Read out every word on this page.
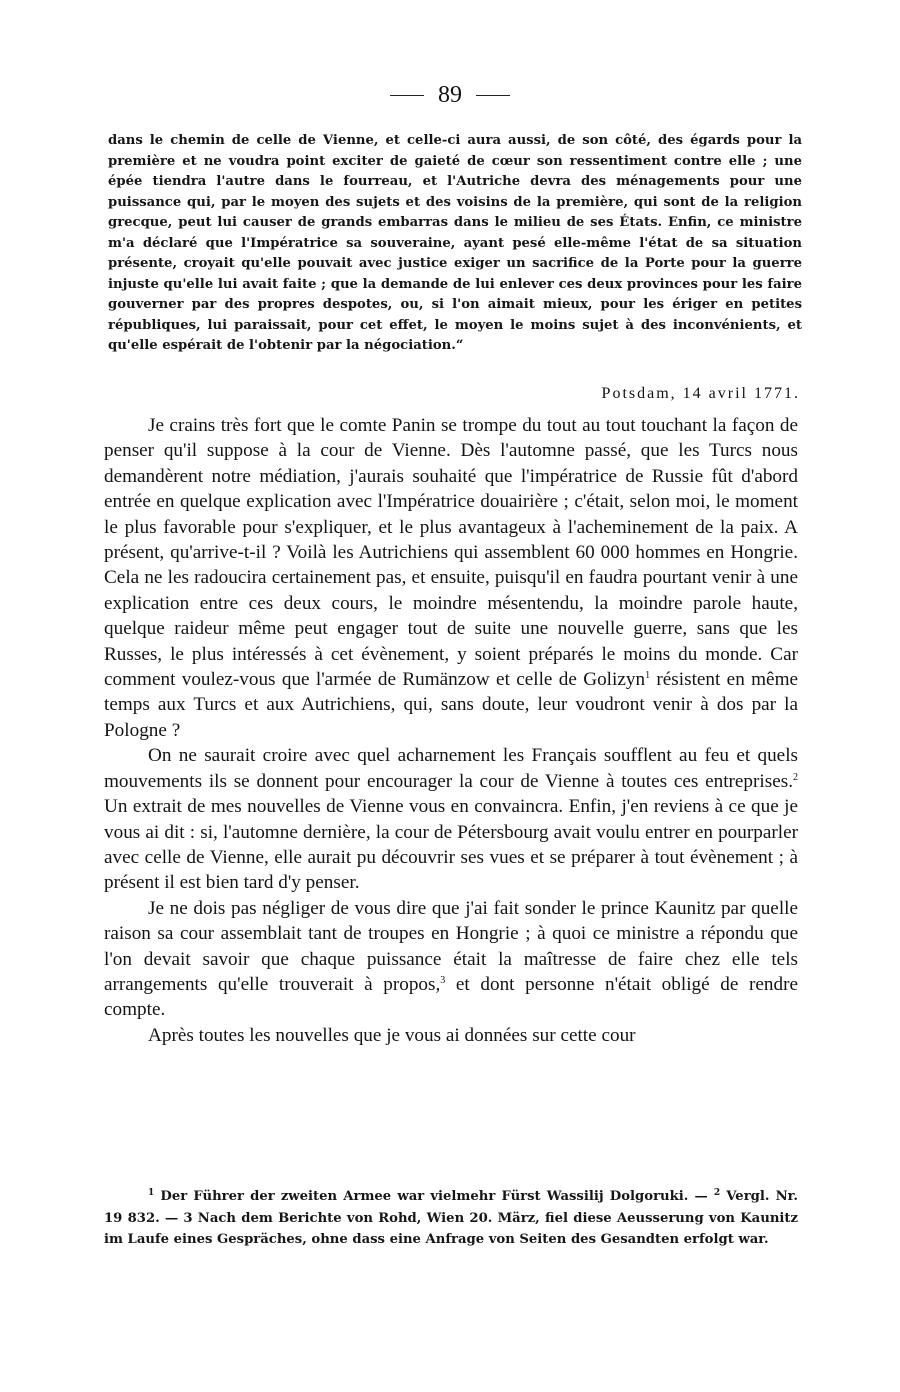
89

dans le chemin de celle de Vienne, et celle-ci aura aussi, de son côté, des égards pour la première et ne voudra point exciter de gaieté de cœur son ressentiment contre elle ; une épée tiendra l'autre dans le fourreau, et l'Autriche devra des ménagements pour une puissance qui, par le moyen des sujets et des voisins de la première, qui sont de la religion grecque, peut lui causer de grands embarras dans le milieu de ses États. Enfin, ce ministre m'a déclaré que l'Impératrice sa souveraine, ayant pesé elle-même l'état de sa situation présente, croyait qu'elle pouvait avec justice exiger un sacrifice de la Porte pour la guerre injuste qu'elle lui avait faite ; que la demande de lui enlever ces deux provinces pour les faire gouverner par des propres despotes, ou, si l'on aimait mieux, pour les ériger en petites républiques, lui paraissait, pour cet effet, le moyen le moins sujet à des inconvénients, et qu'elle espérait de l'obtenir par la négociation.“

Potsdam, 14 avril 1771.

Je crains très fort que le comte Panin se trompe du tout au tout touchant la façon de penser qu'il suppose à la cour de Vienne. Dès l'automne passé, que les Turcs nous demandèrent notre médiation, j'aurais souhaité que l'impératrice de Russie fût d'abord entrée en quelque explication avec l'Impératrice douairière ; c'était, selon moi, le moment le plus favorable pour s'expliquer, et le plus avantageux à l'acheminement de la paix. A présent, qu'arrive-t-il ? Voilà les Autrichiens qui assemblent 60 000 hommes en Hongrie. Cela ne les radoucira certainement pas, et ensuite, puisqu'il en faudra pourtant venir à une explication entre ces deux cours, le moindre mésentendu, la moindre parole haute, quelque raideur même peut engager tout de suite une nouvelle guerre, sans que les Russes, le plus intéressés à cet évènement, y soient préparés le moins du monde. Car comment voulez-vous que l'armée de Rumänzow et celle de Golizyn$^1$ résistent en même temps aux Turcs et aux Autrichiens, qui, sans doute, leur voudront venir à dos par la Pologne ?

On ne saurait croire avec quel acharnement les Français soufflent au feu et quels mouvements ils se donnent pour encourager la cour de Vienne à toutes ces entreprises.$^2$ Un extrait de mes nouvelles de Vienne vous en convaincra. Enfin, j'en reviens à ce que je vous ai dit : si, l'automne dernière, la cour de Pétersbourg avait voulu entrer en pourparler avec celle de Vienne, elle aurait pu découvrir ses vues et se préparer à tout évènement ; à présent il est bien tard d'y penser.

Je ne dois pas négliger de vous dire que j'ai fait sonder le prince Kaunitz par quelle raison sa cour assemblait tant de troupes en Hongrie ; à quoi ce ministre a répondu que l'on devait savoir que chaque puissance était la maîtresse de faire chez elle tels arrangements qu'elle trouverait à propos,$^3$ et dont personne n'était obligé de rendre compte.

Après toutes les nouvelles que je vous ai données sur cette cour

$^1$ Der Führer der zweiten Armee war vielmehr Fürst Wassilij Dolgoruki. — $^2$ Vergl. Nr. 19 832. — 3 Nach dem Berichte von Rohd, Wien 20. März, fiel diese Aeusserung von Kaunitz im Laufe eines Gespräches, ohne dass eine Anfrage von Seiten des Gesandten erfolgt war.
